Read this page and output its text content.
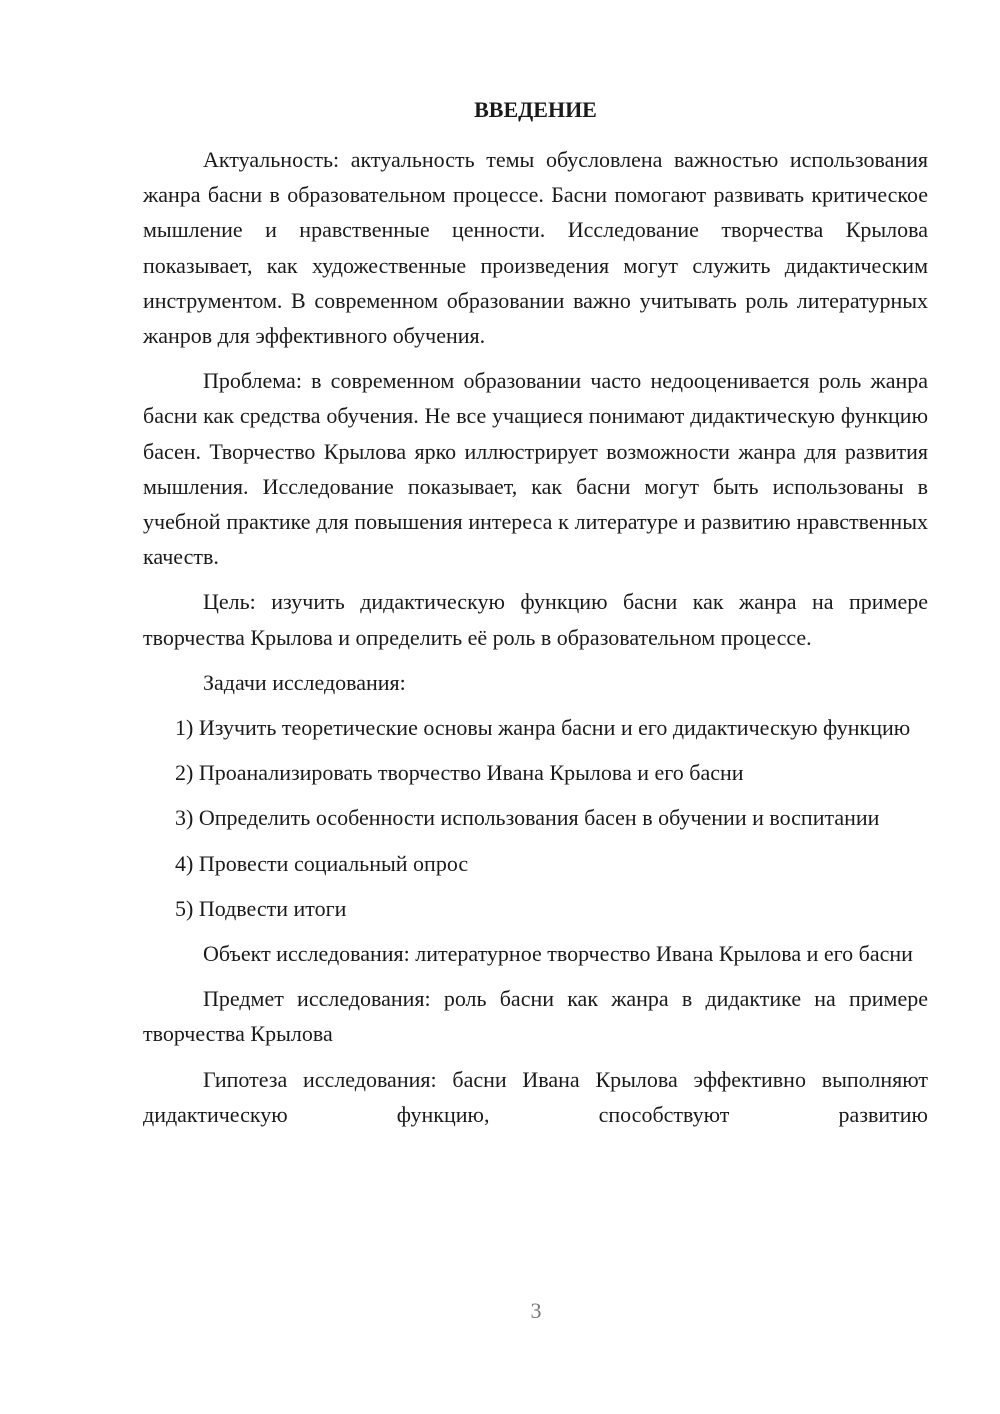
ВВЕДЕНИЕ

Актуальность: актуальность темы обусловлена важностью использования жанра басни в образовательном процессе. Басни помогают развивать критическое мышление и нравственные ценности. Исследование творчества Крылова показывает, как художественные произведения могут служить дидактическим инструментом. В современном образовании важно учитывать роль литературных жанров для эффективного обучения.

Проблема: в современном образовании часто недооценивается роль жанра басни как средства обучения. Не все учащиеся понимают дидактическую функцию басен. Творчество Крылова ярко иллюстрирует возможности жанра для развития мышления. Исследование показывает, как басни могут быть использованы в учебной практике для повышения интереса к литературе и развитию нравственных качеств.

Цель: изучить дидактическую функцию басни как жанра на примере творчества Крылова и определить её роль в образовательном процессе.

Задачи исследования:

1) Изучить теоретические основы жанра басни и его дидактическую функцию

2) Проанализировать творчество Ивана Крылова и его басни

3) Определить особенности использования басен в обучении и воспитании

4) Провести социальный опрос

5) Подвести итоги

Объект исследования: литературное творчество Ивана Крылова и его басни

Предмет исследования: роль басни как жанра в дидактике на примере творчества Крылова

Гипотеза исследования: басни Ивана Крылова эффективно выполняют дидактическую функцию, способствуют развитию

3
